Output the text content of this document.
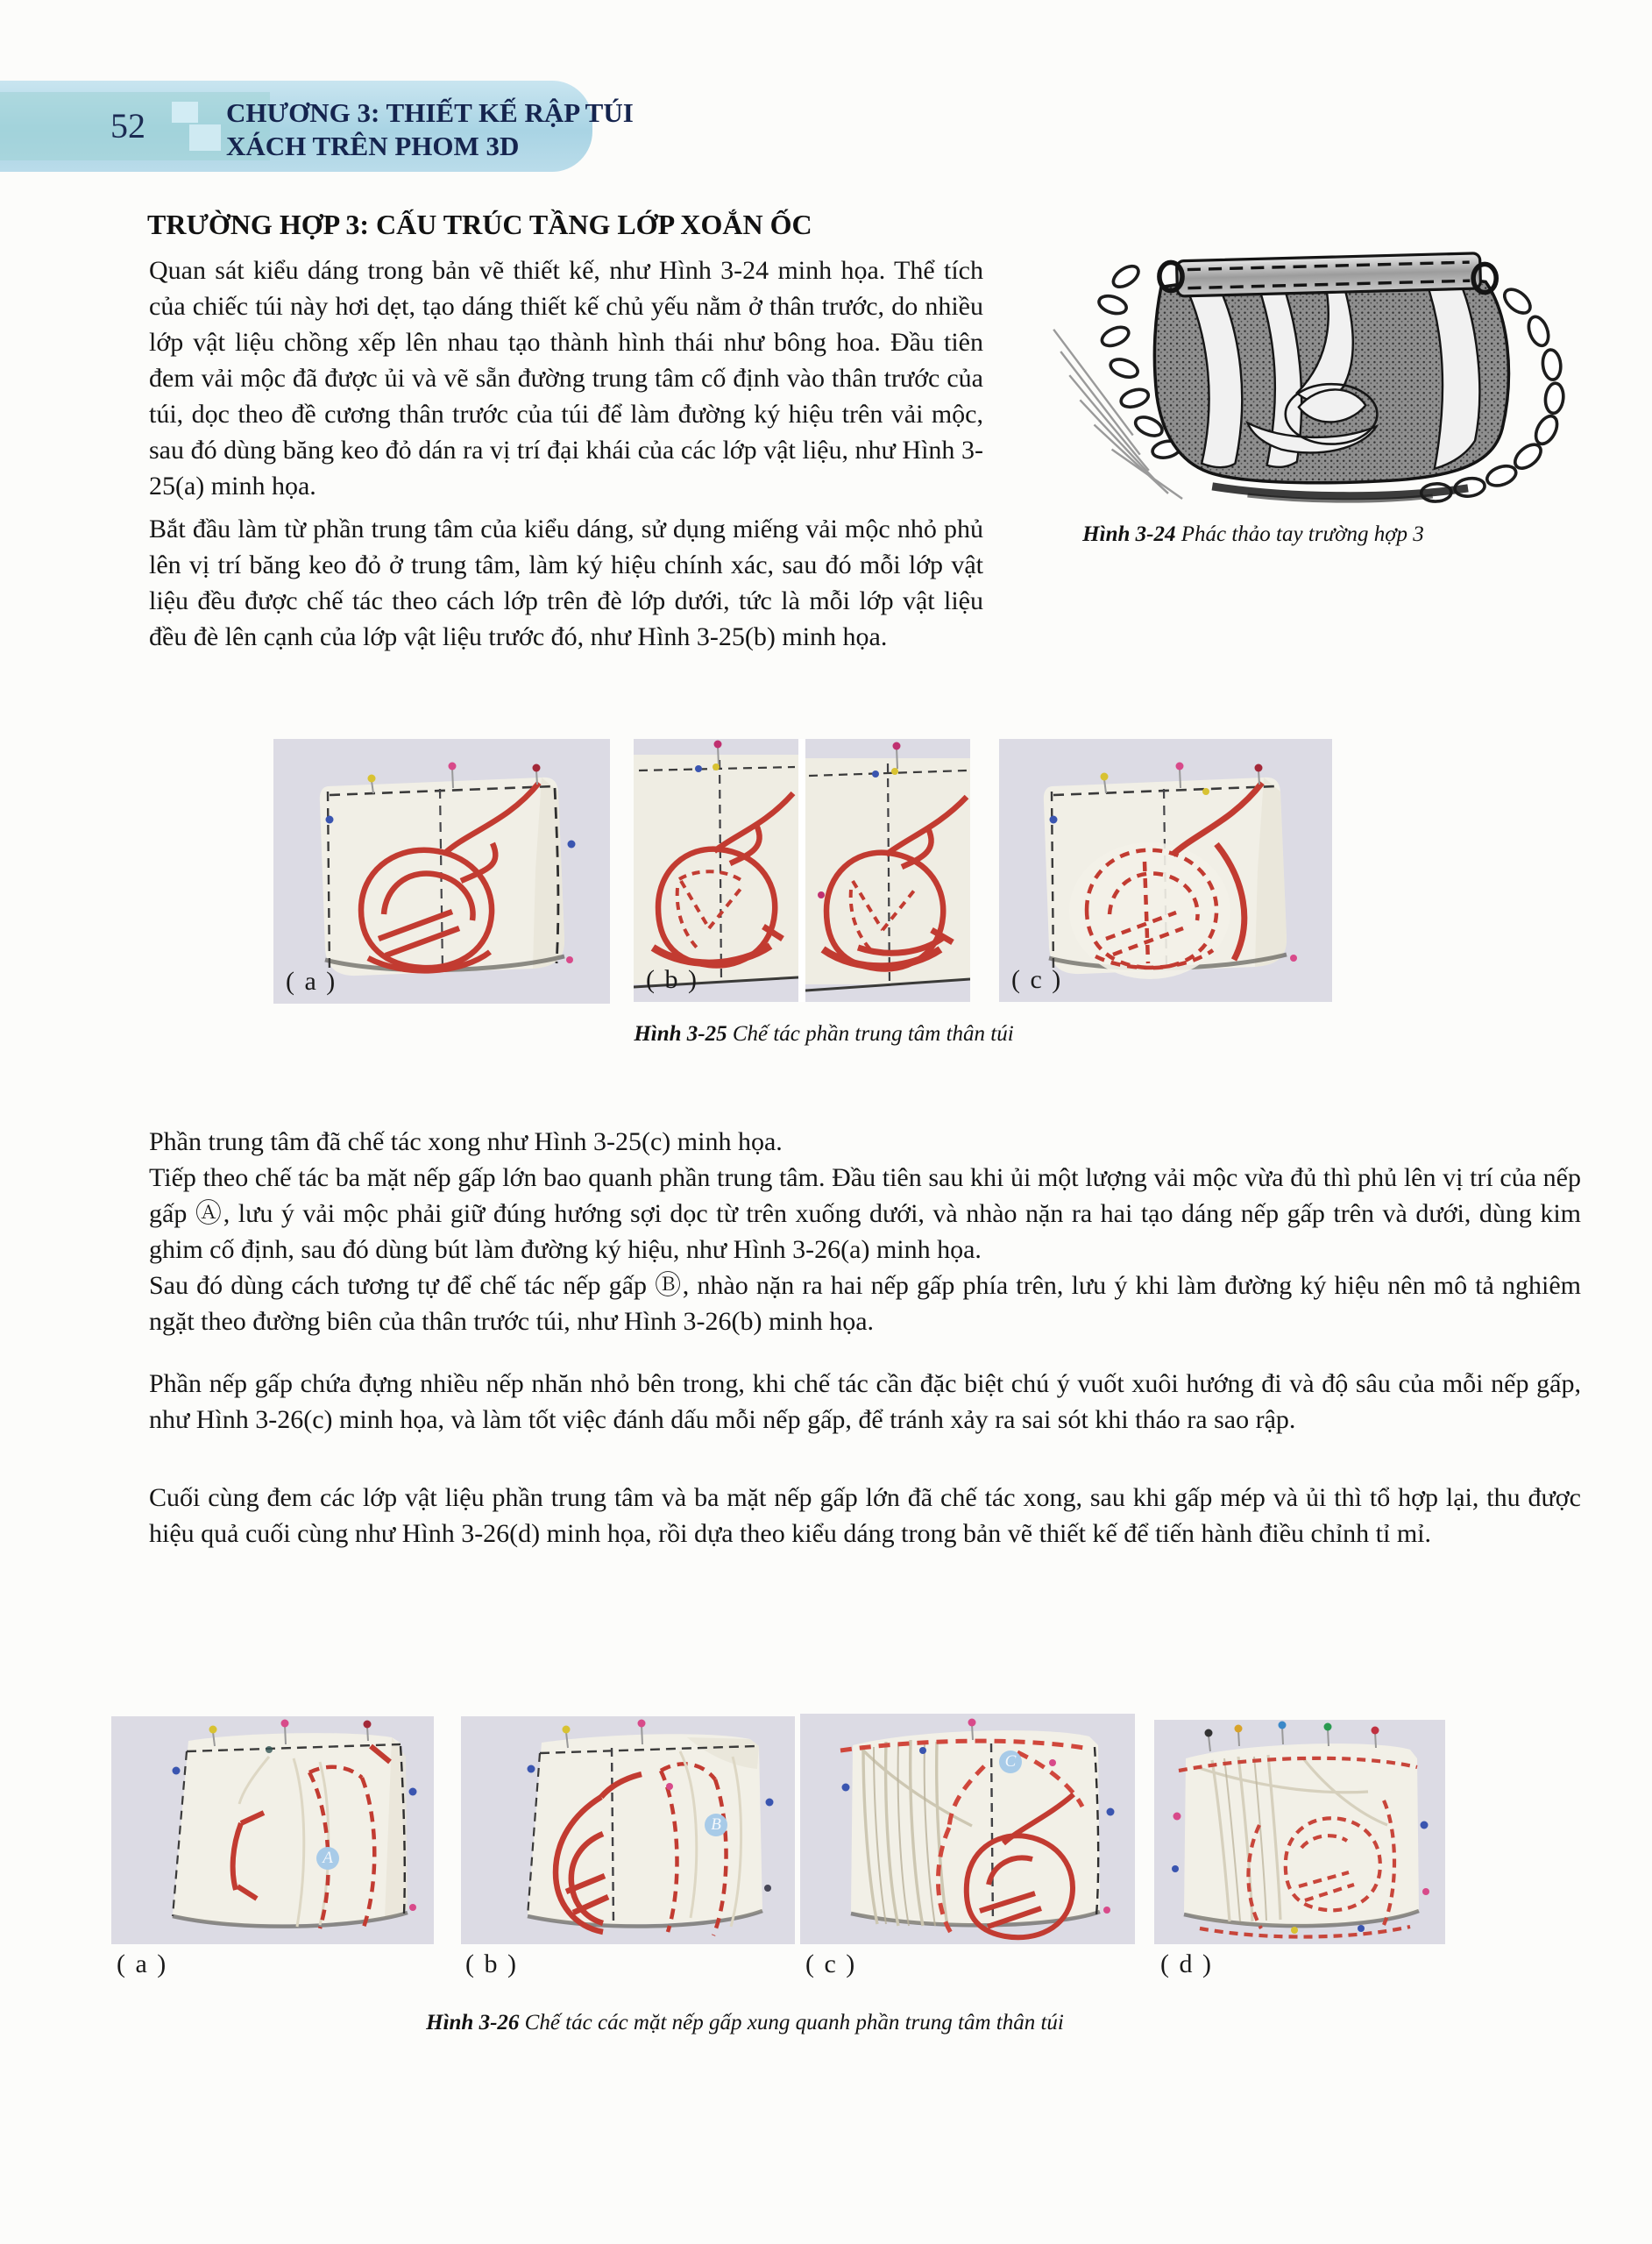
52	CHƯƠNG 3: THIẾT KẾ RẬP TÚI
XÁCH TRÊN PHOM 3D
TRƯỜNG HỢP 3: CẤU TRÚC TẦNG LỚP XOẮN ỐC

Quan sát kiểu dáng trong bản vẽ thiết kế, như Hình 3-24 minh họa. Thể tích của chiếc túi này hơi dẹt, tạo dáng thiết kế chủ yếu nằm ở thân trước, do nhiều lớp vật liệu chồng xếp lên nhau tạo thành hình thái như bông hoa. Đầu tiên đem vải mộc đã được ủi và vẽ sẵn đường trung tâm cố định vào thân trước của túi, dọc theo đề cương thân trước của túi để làm đường ký hiệu trên vải mộc, sau đó dùng băng keo đỏ dán ra vị trí đại khái của các lớp vật liệu, như Hình 3-25(a) minh họa.

Bắt đầu làm từ phần trung tâm của kiểu dáng, sử dụng miếng vải mộc nhỏ phủ lên vị trí băng keo đỏ ở trung tâm, làm ký hiệu chính xác, sau đó mỗi lớp vật liệu đều được chế tác theo cách lớp trên đè lớp dưới, tức là mỗi lớp vật liệu đều đè lên cạnh của lớp vật liệu trước đó, như Hình 3-25(b) minh họa.

Hình 3-24 Phác thảo tay trường hợp 3
( a )	( b )	( c )
Hình 3-25 Chế tác phần trung tâm thân túi

Phần trung tâm đã chế tác xong như Hình 3-25(c) minh họa.

Tiếp theo chế tác ba mặt nếp gấp lớn bao quanh phần trung tâm. Đầu tiên sau khi ủi một lượng vải mộc vừa đủ thì phủ lên vị trí của nếp gấp Ⓐ, lưu ý vải mộc phải giữ đúng hướng sợi dọc từ trên xuống dưới, và nhào nặn ra hai tạo dáng nếp gấp trên và dưới, dùng kim ghim cố định, sau đó dùng bút làm đường ký hiệu, như Hình 3-26(a) minh họa.

Sau đó dùng cách tương tự để chế tác nếp gấp Ⓑ, nhào nặn ra hai nếp gấp phía trên, lưu ý khi làm đường ký hiệu nên mô tả nghiêm ngặt theo đường biên của thân trước túi, như Hình 3-26(b) minh họa.

Phần nếp gấp chứa đựng nhiều nếp nhăn nhỏ bên trong, khi chế tác cần đặc biệt chú ý vuốt xuôi hướng đi và độ sâu của mỗi nếp gấp, như Hình 3-26(c) minh họa, và làm tốt việc đánh dấu mỗi nếp gấp, để tránh xảy ra sai sót khi tháo ra sao rập.

Cuối cùng đem các lớp vật liệu phần trung tâm và ba mặt nếp gấp lớn đã chế tác xong, sau khi gấp mép và ủi thì tổ hợp lại, thu được hiệu quả cuối cùng như Hình 3-26(d) minh họa, rồi dựa theo kiểu dáng trong bản vẽ thiết kế để tiến hành điều chỉnh tỉ mỉ.

A
( a )
B
( b )
C
( c )	( d )
Hình 3-26 Chế tác các mặt nếp gấp xung quanh phần trung tâm thân túi
